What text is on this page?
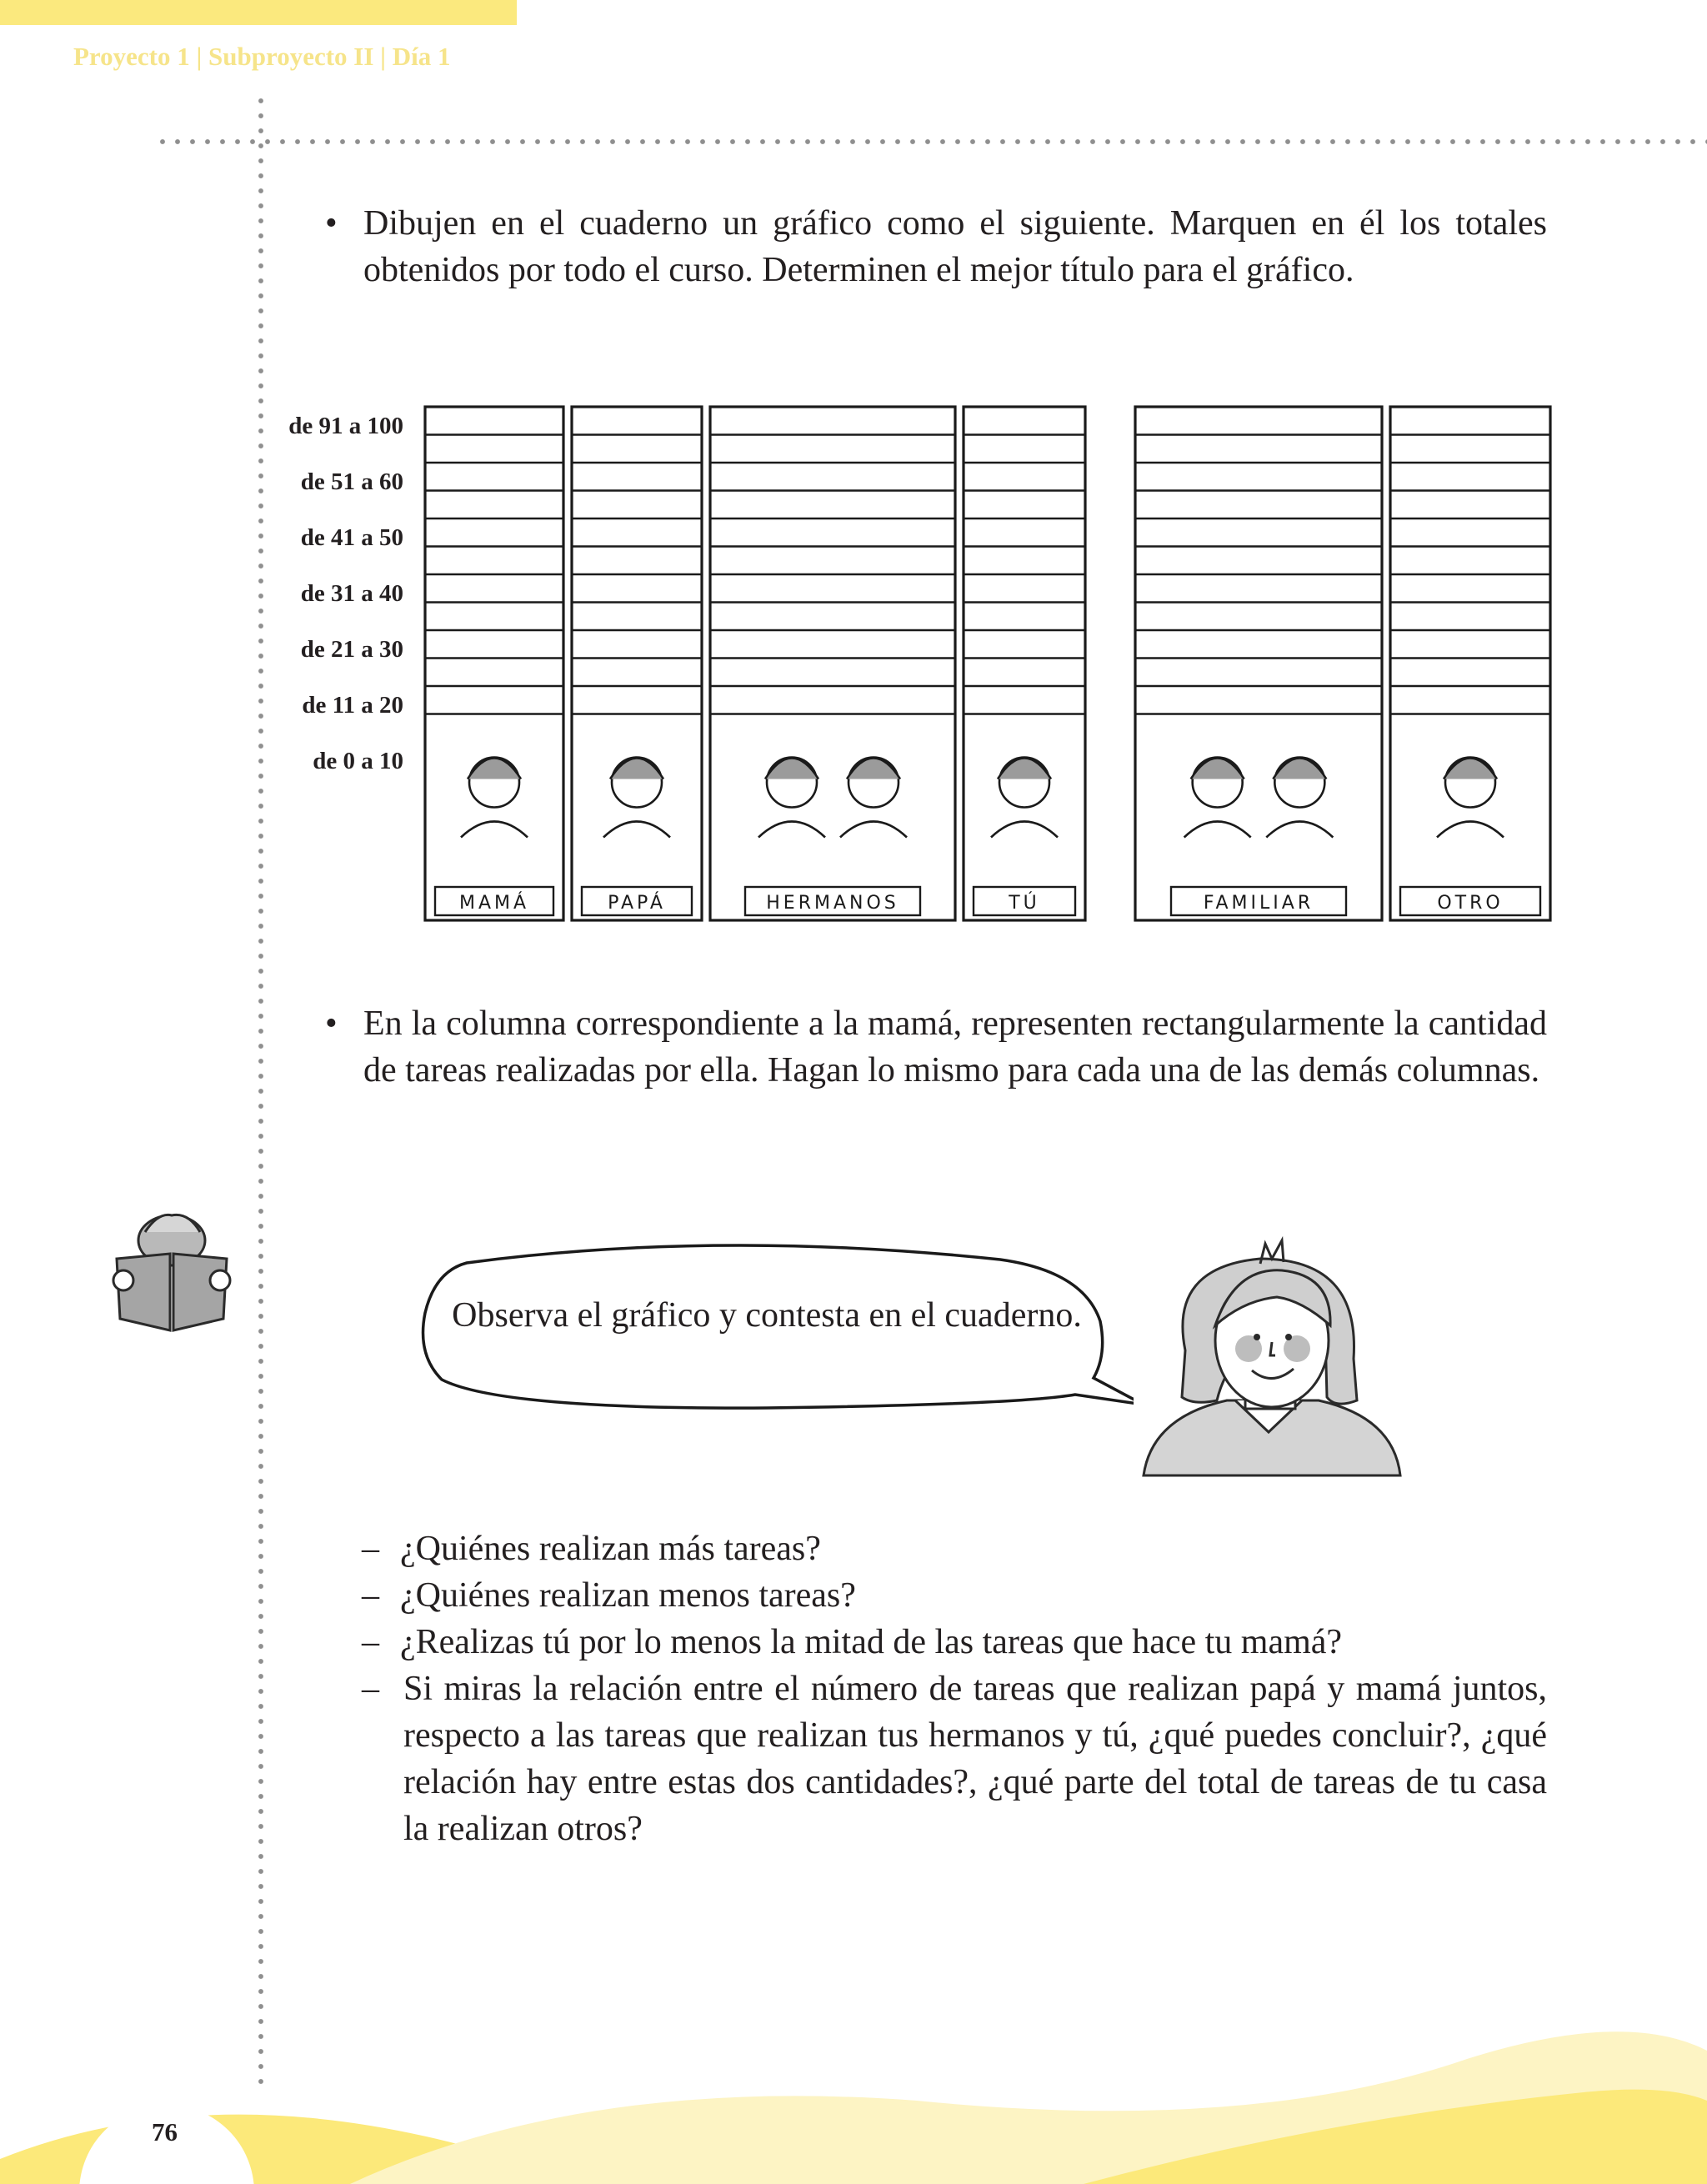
Proyecto 1 | Subproyecto II | Día 1
• Dibujen en el cuaderno un gráfico como el siguiente. Marquen en él los totales obtenidos por todo el curso. Determinen el mejor título para el gráfico.
de 91 a 100
de 51 a 60
de 41 a 50
de 31 a 40
de 21 a 30
de 11 a 20
de 0 a 10
MAMÁ	PAPÁ	HERMANOS	TÚ	FAMILIAR	OTRO
• En la columna correspondiente a la mamá, representen rectangularmente la cantidad de tareas realizadas por ella. Hagan lo mismo para cada una de las demás columnas.
Observa el gráfico y contesta en el cuaderno.
– ¿Quiénes realizan más tareas?
– ¿Quiénes realizan menos tareas?
– ¿Realizas tú por lo menos la mitad de las tareas que hace tu mamá?
– Si miras la relación entre el número de tareas que realizan papá y mamá juntos, respecto a las tareas que realizan tus hermanos y tú, ¿qué puedes concluir?, ¿qué relación hay entre estas dos cantidades?, ¿qué parte del total de tareas de tu casa la realizan otros?
76
